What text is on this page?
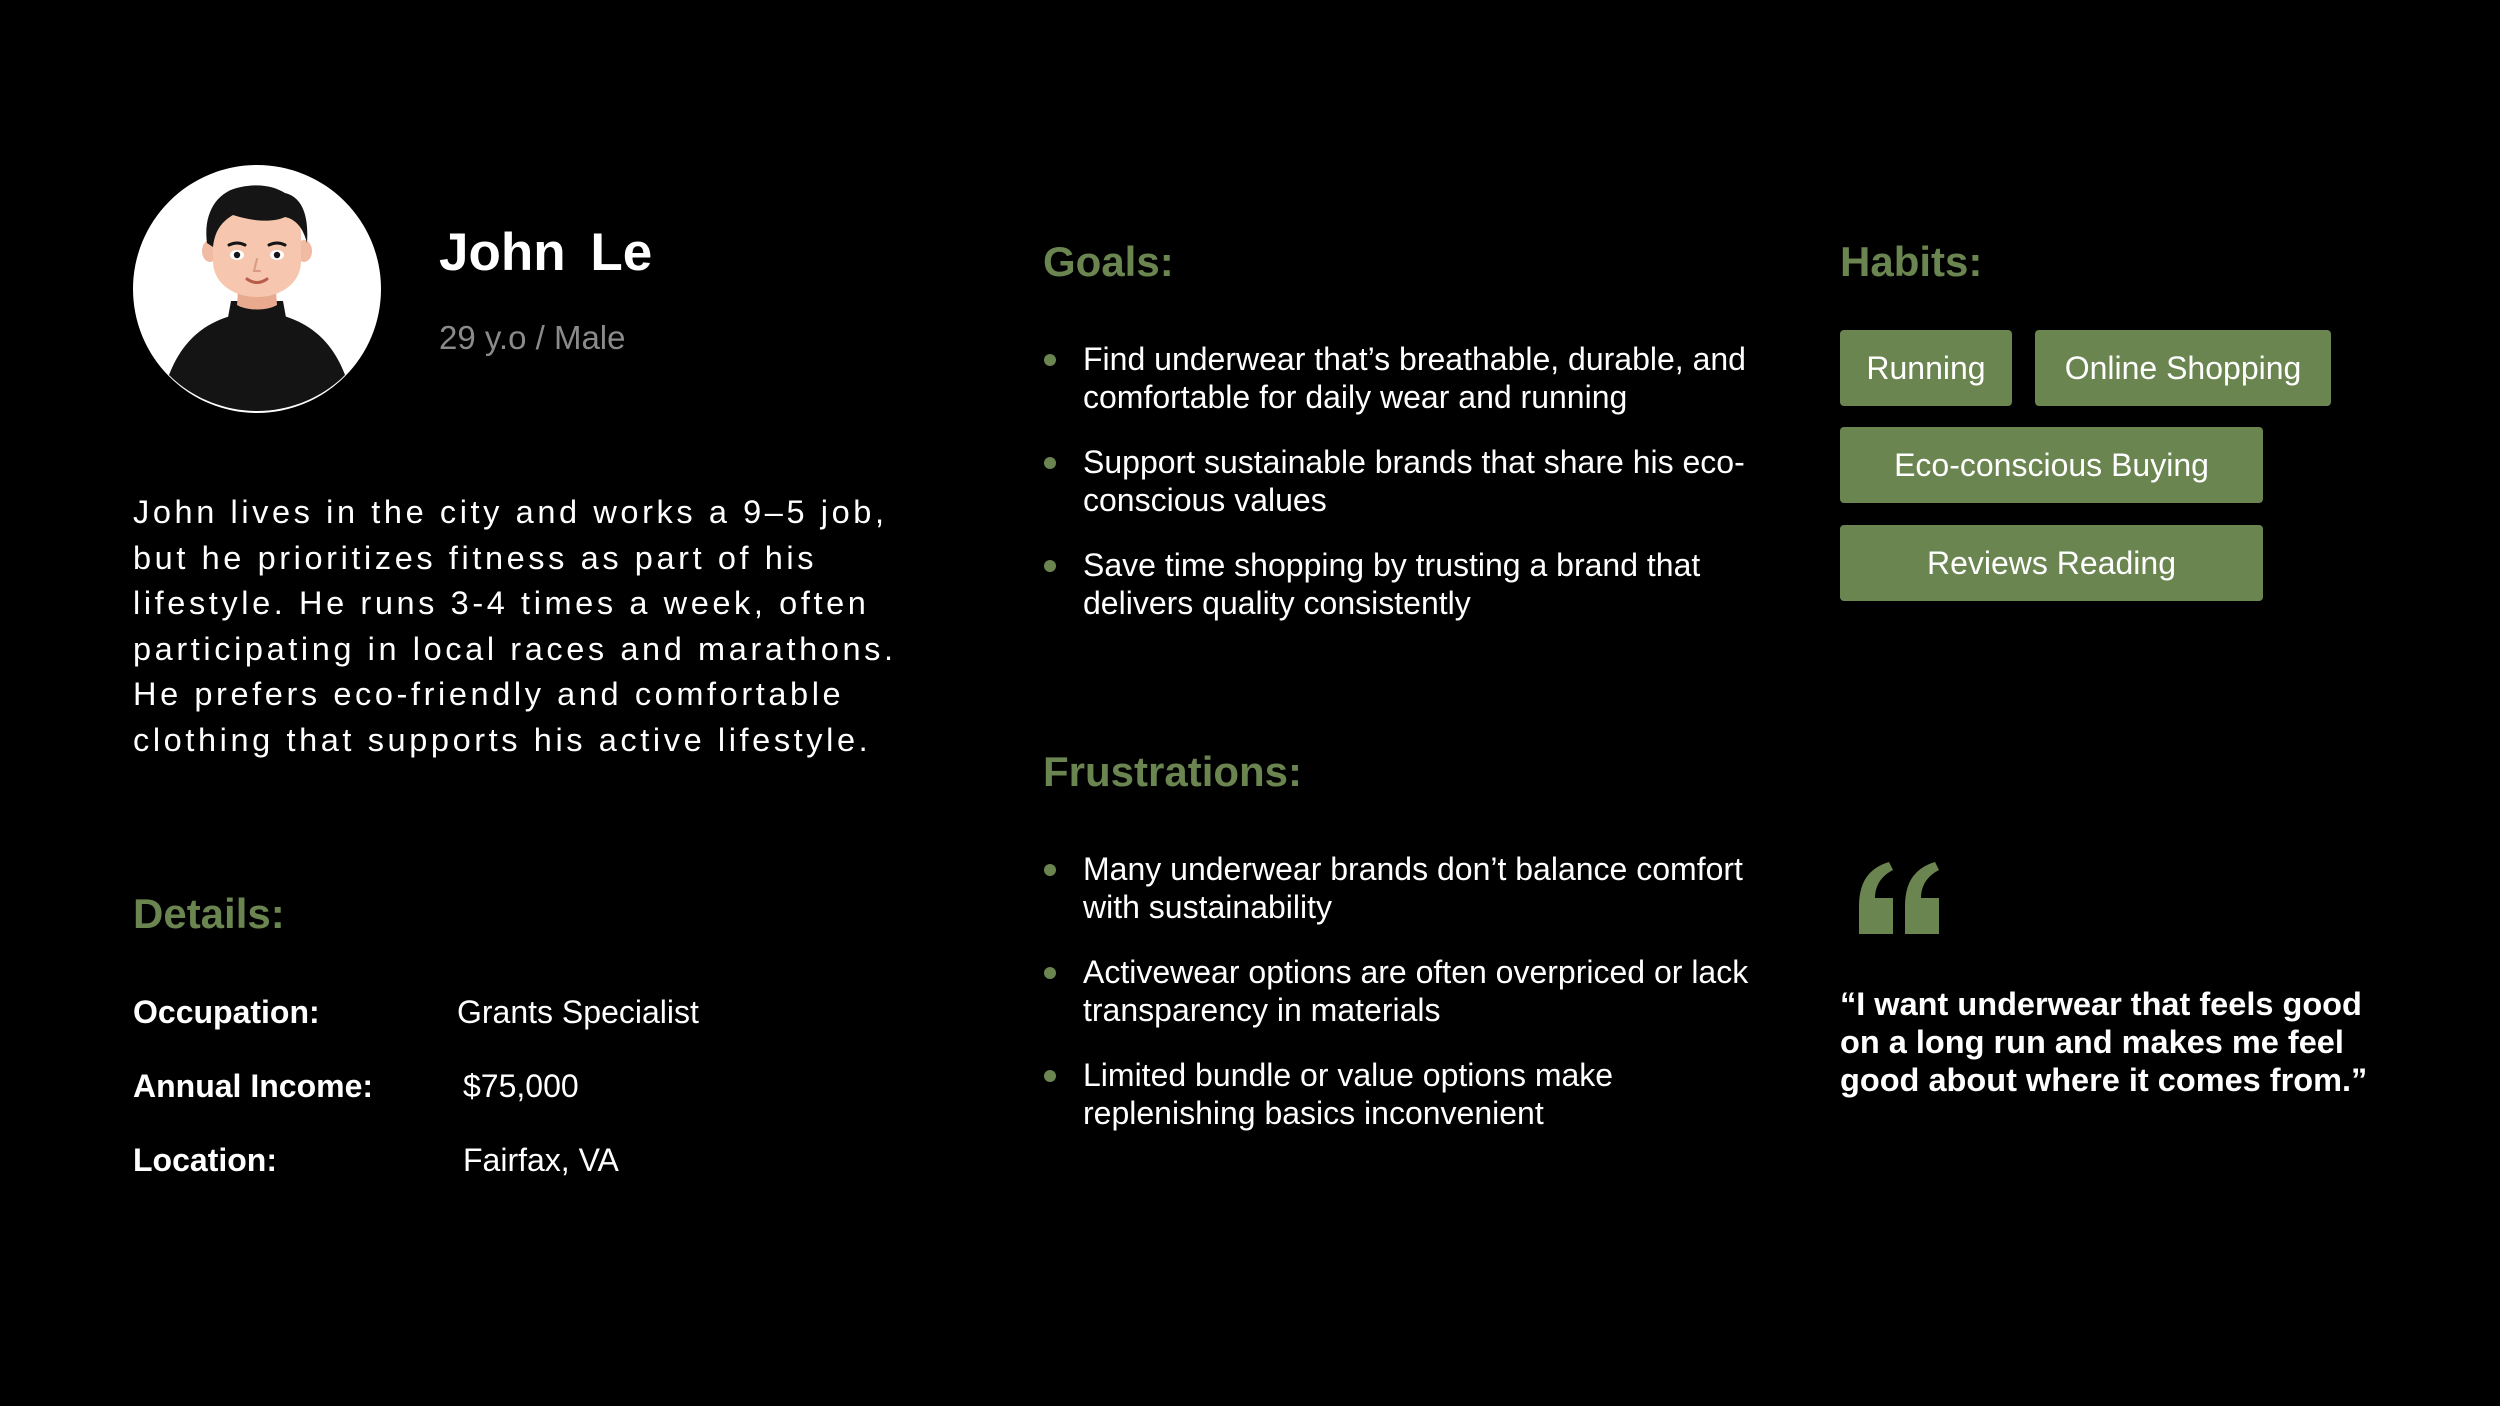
John Le
29 y.o / Male

John lives in the city and works a 9–5 job, but he prioritizes fitness as part of his lifestyle. He runs 3-4 times a week, often participating in local races and marathons. He prefers eco-friendly and comfortable clothing that supports his active lifestyle.

Details:
Occupation:	Grants Specialist
Annual Income:	$75,000
Location:	Fairfax, VA
Goals:
Find underwear that’s breathable, durable, and comfortable for daily wear and running
Support sustainable brands that share his eco-conscious values
Save time shopping by trusting a brand that delivers quality consistently
Frustrations:
Many underwear brands don’t balance comfort with sustainability
Activewear options are often overpriced or lack transparency in materials
Limited bundle or value options make replenishing basics inconvenient
Habits:
Running	Online Shopping
Eco-conscious Buying
Reviews Reading

“I want underwear that feels good on a long run and makes me feel good about where it comes from.”
